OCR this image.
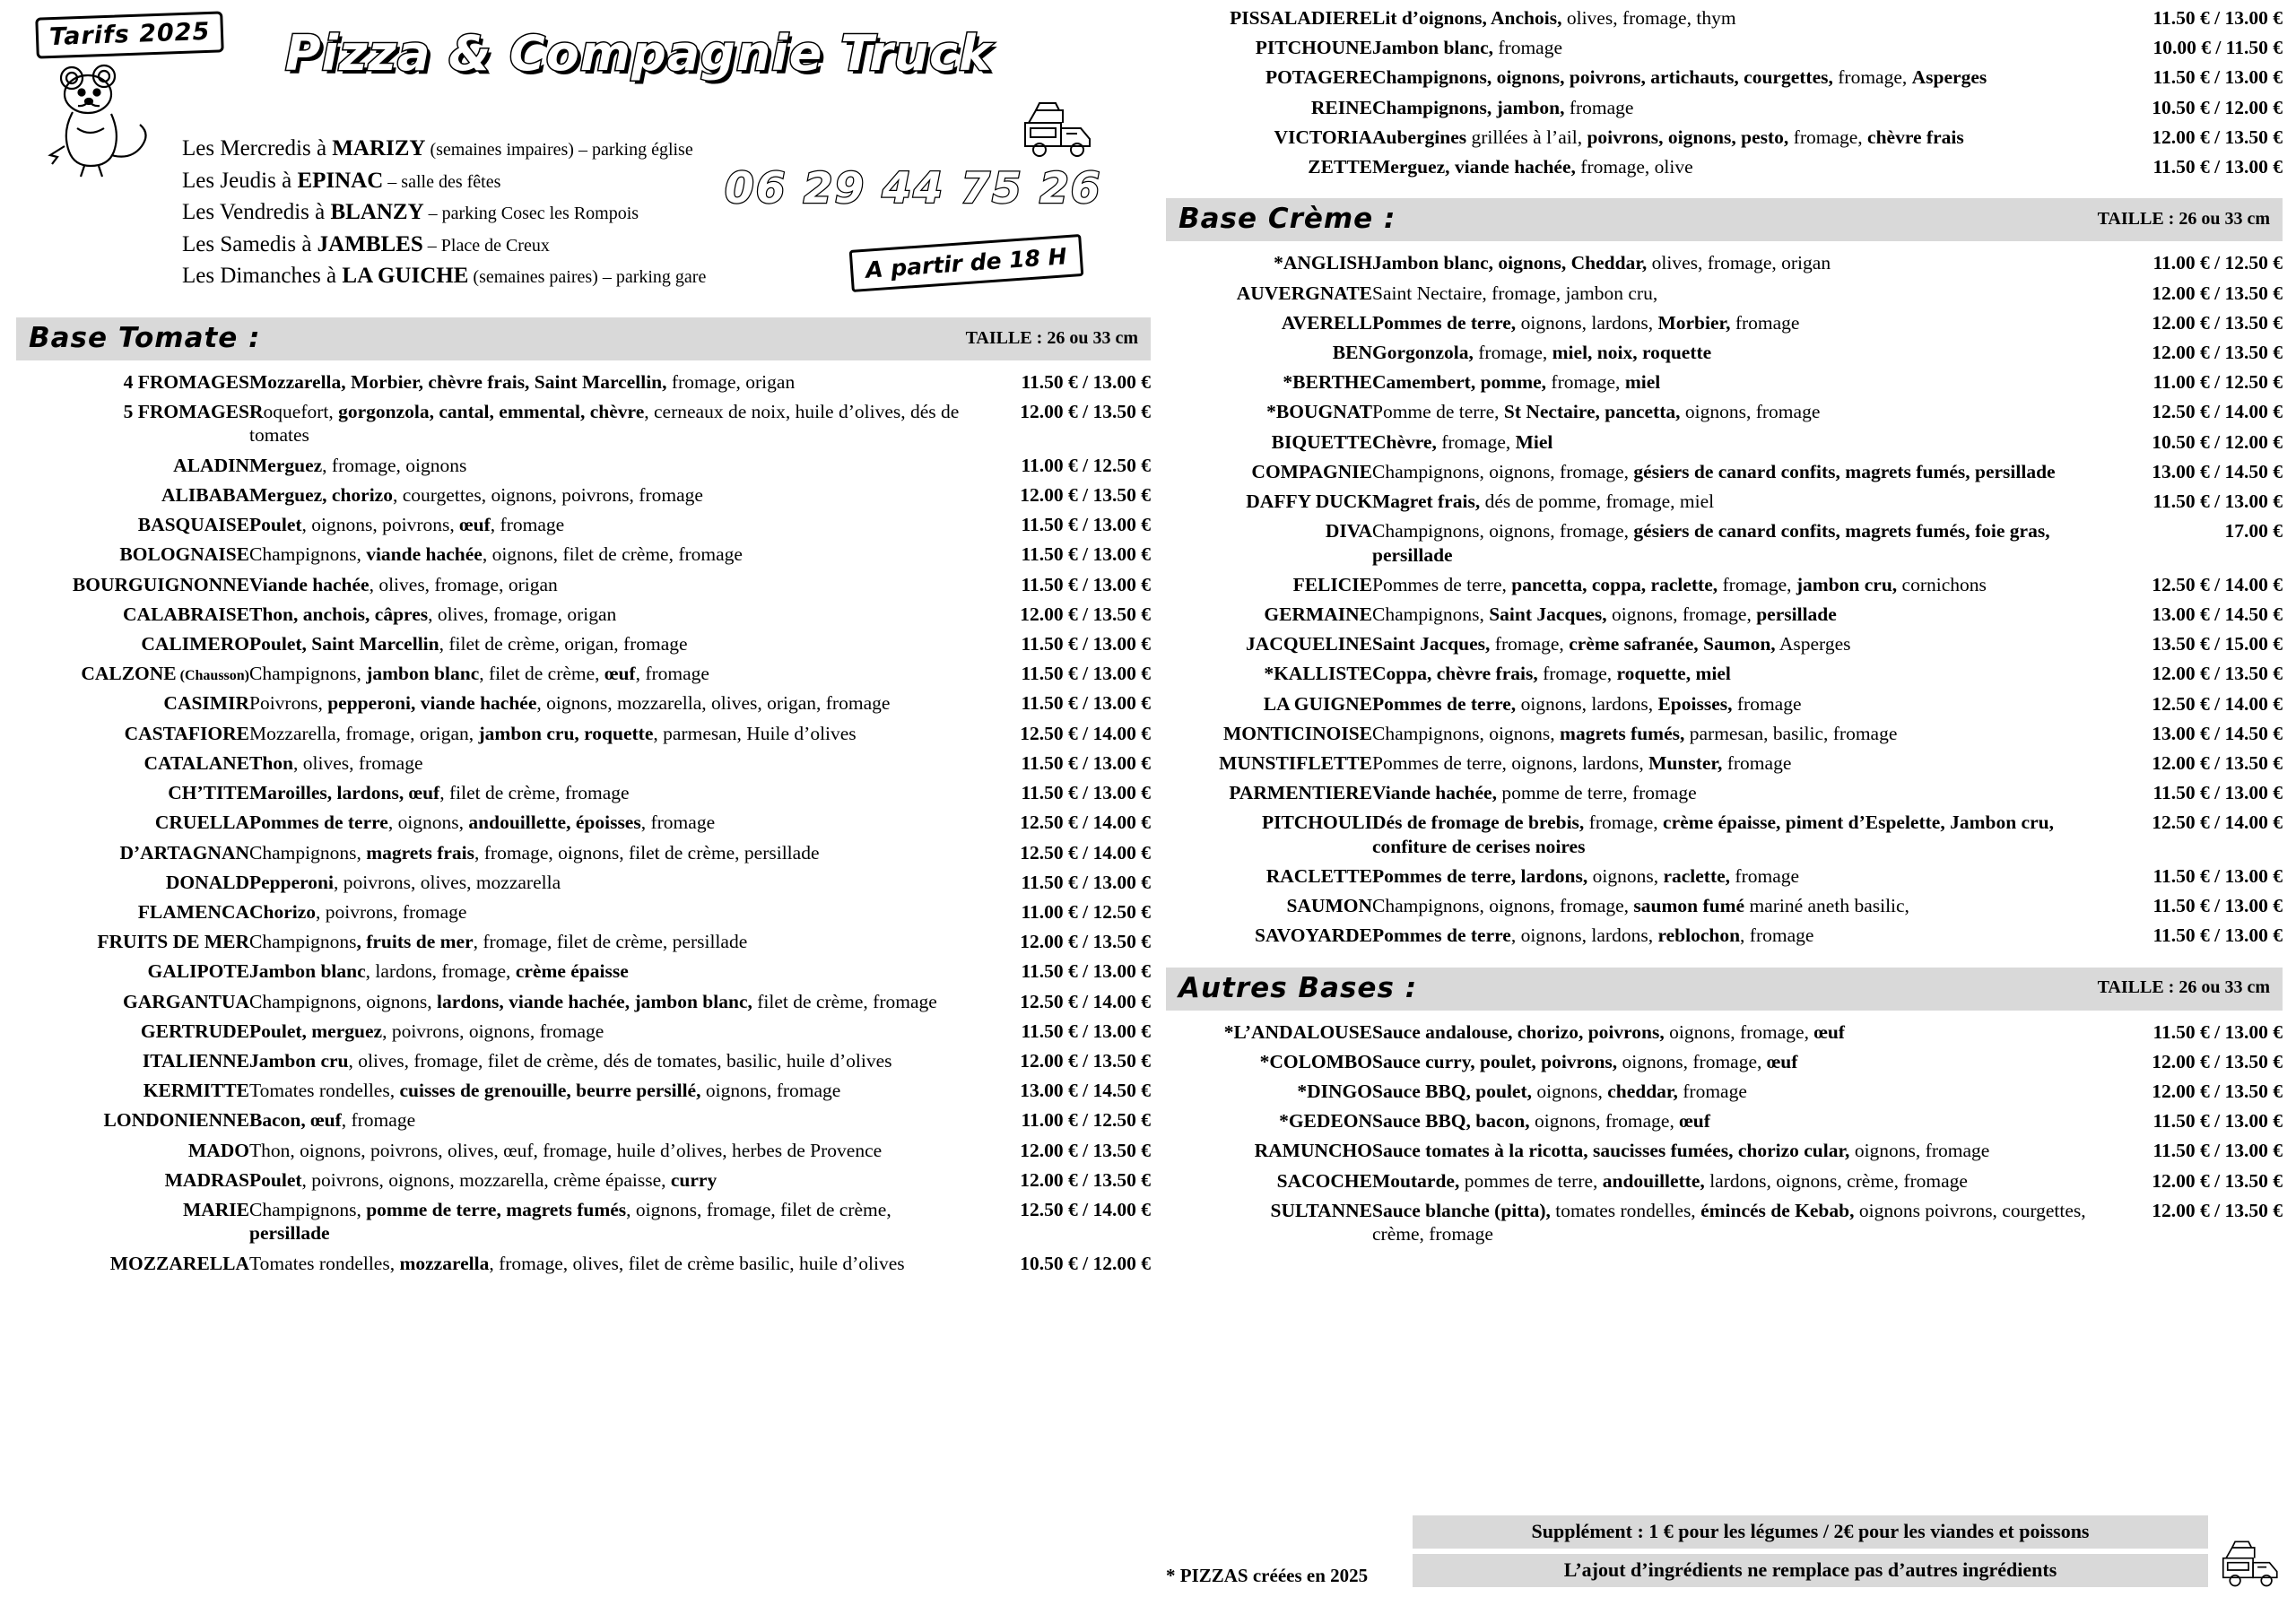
Tarifs 2025 Pizza & Compagnie Truck
Les Mercredis à MARIZY (semaines impaires) – parking église
Les Jeudis à EPINAC – salle des fêtes
Les Vendredis à BLANZY – parking Cosec les Rompois
Les Samedis à JAMBLES – Place de Creux
Les Dimanches à LA GUICHE (semaines paires) – parking gare
06 29 44 75 26
A partir de 18 H
Base Tomate :	TAILLE : 26 ou 33 cm
4 FROMAGES	Mozzarella, Morbier, chèvre frais, Saint Marcellin, fromage, origan	11.50 € / 13.00 €
5 FROMAGES	Roquefort, gorgonzola, cantal, emmental, chèvre, cerneaux de noix, huile d’olives, dés de tomates	12.00 € / 13.50 €
ALADIN	Merguez, fromage, oignons	11.00 € / 12.50 €
ALIBABA	Merguez, chorizo, courgettes, oignons, poivrons, fromage	12.00 € / 13.50 €
BASQUAISE	Poulet, oignons, poivrons, œuf, fromage	11.50 € / 13.00 €
BOLOGNAISE	Champignons, viande hachée, oignons, filet de crème, fromage	11.50 € / 13.00 €
BOURGUIGNONNE	Viande hachée, olives, fromage, origan	11.50 € / 13.00 €
CALABRAISE	Thon, anchois, câpres, olives, fromage, origan	12.00 € / 13.50 €
CALIMERO	Poulet, Saint Marcellin, filet de crème, origan, fromage	11.50 € / 13.00 €
CALZONE (Chausson)	Champignons, jambon blanc, filet de crème, œuf, fromage	11.50 € / 13.00 €
CASIMIR	Poivrons, pepperoni, viande hachée, oignons, mozzarella, olives, origan, fromage	11.50 € / 13.00 €
CASTAFIORE	Mozzarella, fromage, origan, jambon cru, roquette, parmesan, Huile d’olives	12.50 € / 14.00 €
CATALANE	Thon, olives, fromage	11.50 € / 13.00 €
CH’TITE	Maroilles, lardons, œuf, filet de crème, fromage	11.50 € / 13.00 €
CRUELLA	Pommes de terre, oignons, andouillette, époisses, fromage	12.50 € / 14.00 €
D’ARTAGNAN	Champignons, magrets frais, fromage, oignons, filet de crème, persillade	12.50 € / 14.00 €
DONALD	Pepperoni, poivrons, olives, mozzarella	11.50 € / 13.00 €
FLAMENCA	Chorizo, poivrons, fromage	11.00 € / 12.50 €
FRUITS DE MER	Champignons, fruits de mer, fromage, filet de crème, persillade	12.00 € / 13.50 €
GALIPOTE	Jambon blanc, lardons, fromage, crème épaisse	11.50 € / 13.00 €
GARGANTUA	Champignons, oignons, lardons, viande hachée, jambon blanc, filet de crème, fromage	12.50 € / 14.00 €
GERTRUDE	Poulet, merguez, poivrons, oignons, fromage	11.50 € / 13.00 €
ITALIENNE	Jambon cru, olives, fromage, filet de crème, dés de tomates, basilic, huile d’olives	12.00 € / 13.50 €
KERMITTE	Tomates rondelles, cuisses de grenouille, beurre persillé, oignons, fromage	13.00 € / 14.50 €
LONDONIENNE	Bacon, œuf, fromage	11.00 € / 12.50 €
MADO	Thon, oignons, poivrons, olives, œuf, fromage, huile d’olives, herbes de Provence	12.00 € / 13.50 €
MADRAS	Poulet, poivrons, oignons, mozzarella, crème épaisse, curry	12.00 € / 13.50 €
MARIE	Champignons, pomme de terre, magrets fumés, oignons, fromage, filet de crème, persillade	12.50 € / 14.00 €
MOZZARELLA	Tomates rondelles, mozzarella, fromage, olives, filet de crème basilic, huile d’olives	10.50 € / 12.00 €
PISSALADIERE	Lit d’oignons, Anchois, olives, fromage, thym	11.50 € / 13.00 €
PITCHOUNE	Jambon blanc, fromage	10.00 € / 11.50 €
POTAGERE	Champignons, oignons, poivrons, artichauts, courgettes, fromage, Asperges	11.50 € / 13.00 €
REINE	Champignons, jambon, fromage	10.50 € / 12.00 €
VICTORIA	Aubergines grillées à l’ail, poivrons, oignons, pesto, fromage, chèvre frais	12.00 € / 13.50 €
ZETTE	Merguez, viande hachée, fromage, olive	11.50 € / 13.00 €
Base Crème :	TAILLE : 26 ou 33 cm
*ANGLISH	Jambon blanc, oignons, Cheddar, olives, fromage, origan	11.00 € / 12.50 €
AUVERGNATE	Saint Nectaire, fromage, jambon cru,	12.00 € / 13.50 €
AVERELL	Pommes de terre, oignons, lardons, Morbier, fromage	12.00 € / 13.50 €
BEN	Gorgonzola, fromage, miel, noix, roquette	12.00 € / 13.50 €
*BERTHE	Camembert, pomme, fromage, miel	11.00 € / 12.50 €
*BOUGNAT	Pomme de terre, St Nectaire, pancetta, oignons, fromage	12.50 € / 14.00 €
BIQUETTE	Chèvre, fromage, Miel	10.50 € / 12.00 €
COMPAGNIE	Champignons, oignons, fromage, gésiers de canard confits, magrets fumés, persillade	13.00 € / 14.50 €
DAFFY DUCK	Magret frais, dés de pomme, fromage, miel	11.50 € / 13.00 €
DIVA	Champignons, oignons, fromage, gésiers de canard confits, magrets fumés, foie gras, persillade	17.00 €
FELICIE	Pommes de terre, pancetta, coppa, raclette, fromage, jambon cru, cornichons	12.50 € / 14.00 €
GERMAINE	Champignons, Saint Jacques, oignons, fromage, persillade	13.00 € / 14.50 €
JACQUELINE	Saint Jacques, fromage, crème safranée, Saumon, Asperges	13.50 € / 15.00 €
*KALLISTE	Coppa, chèvre frais, fromage, roquette, miel	12.00 € / 13.50 €
LA GUIGNE	Pommes de terre, oignons, lardons, Epoisses, fromage	12.50 € / 14.00 €
MONTICINOISE	Champignons, oignons, magrets fumés, parmesan, basilic, fromage	13.00 € / 14.50 €
MUNSTIFLETTE	Pommes de terre, oignons, lardons, Munster, fromage	12.00 € / 13.50 €
PARMENTIERE	Viande hachée, pomme de terre, fromage	11.50 € / 13.00 €
PITCHOULI	Dés de fromage de brebis, fromage, crème épaisse, piment d’Espelette, Jambon cru, confiture de cerises noires	12.50 € / 14.00 €
RACLETTE	Pommes de terre, lardons, oignons, raclette, fromage	11.50 € / 13.00 €
SAUMON	Champignons, oignons, fromage, saumon fumé mariné aneth basilic,	11.50 € / 13.00 €
SAVOYARDE	Pommes de terre, oignons, lardons, reblochon, fromage	11.50 € / 13.00 €
Autres Bases :	TAILLE : 26 ou 33 cm
*L’ANDALOUSE	Sauce andalouse, chorizo, poivrons, oignons, fromage, œuf	11.50 € / 13.00 €
*COLOMBO	Sauce curry, poulet, poivrons, oignons, fromage, œuf	12.00 € / 13.50 €
*DINGO	Sauce BBQ, poulet, oignons, cheddar, fromage	12.00 € / 13.50 €
*GEDEON	Sauce BBQ, bacon, oignons, fromage, œuf	11.50 € / 13.00 €
RAMUNCHO	Sauce tomates à la ricotta, saucisses fumées, chorizo cular, oignons, fromage	11.50 € / 13.00 €
SACOCHE	Moutarde, pommes de terre, andouillette, lardons, oignons, crème, fromage	12.00 € / 13.50 €
SULTANNE	Sauce blanche (pitta), tomates rondelles, émincés de Kebab, oignons poivrons, courgettes, crème, fromage	12.00 € / 13.50 €
* PIZZAS créées en 2025
Supplément : 1 € pour les légumes / 2€ pour les viandes et poissons
L’ajout d’ingrédients ne remplace pas d’autres ingrédients
